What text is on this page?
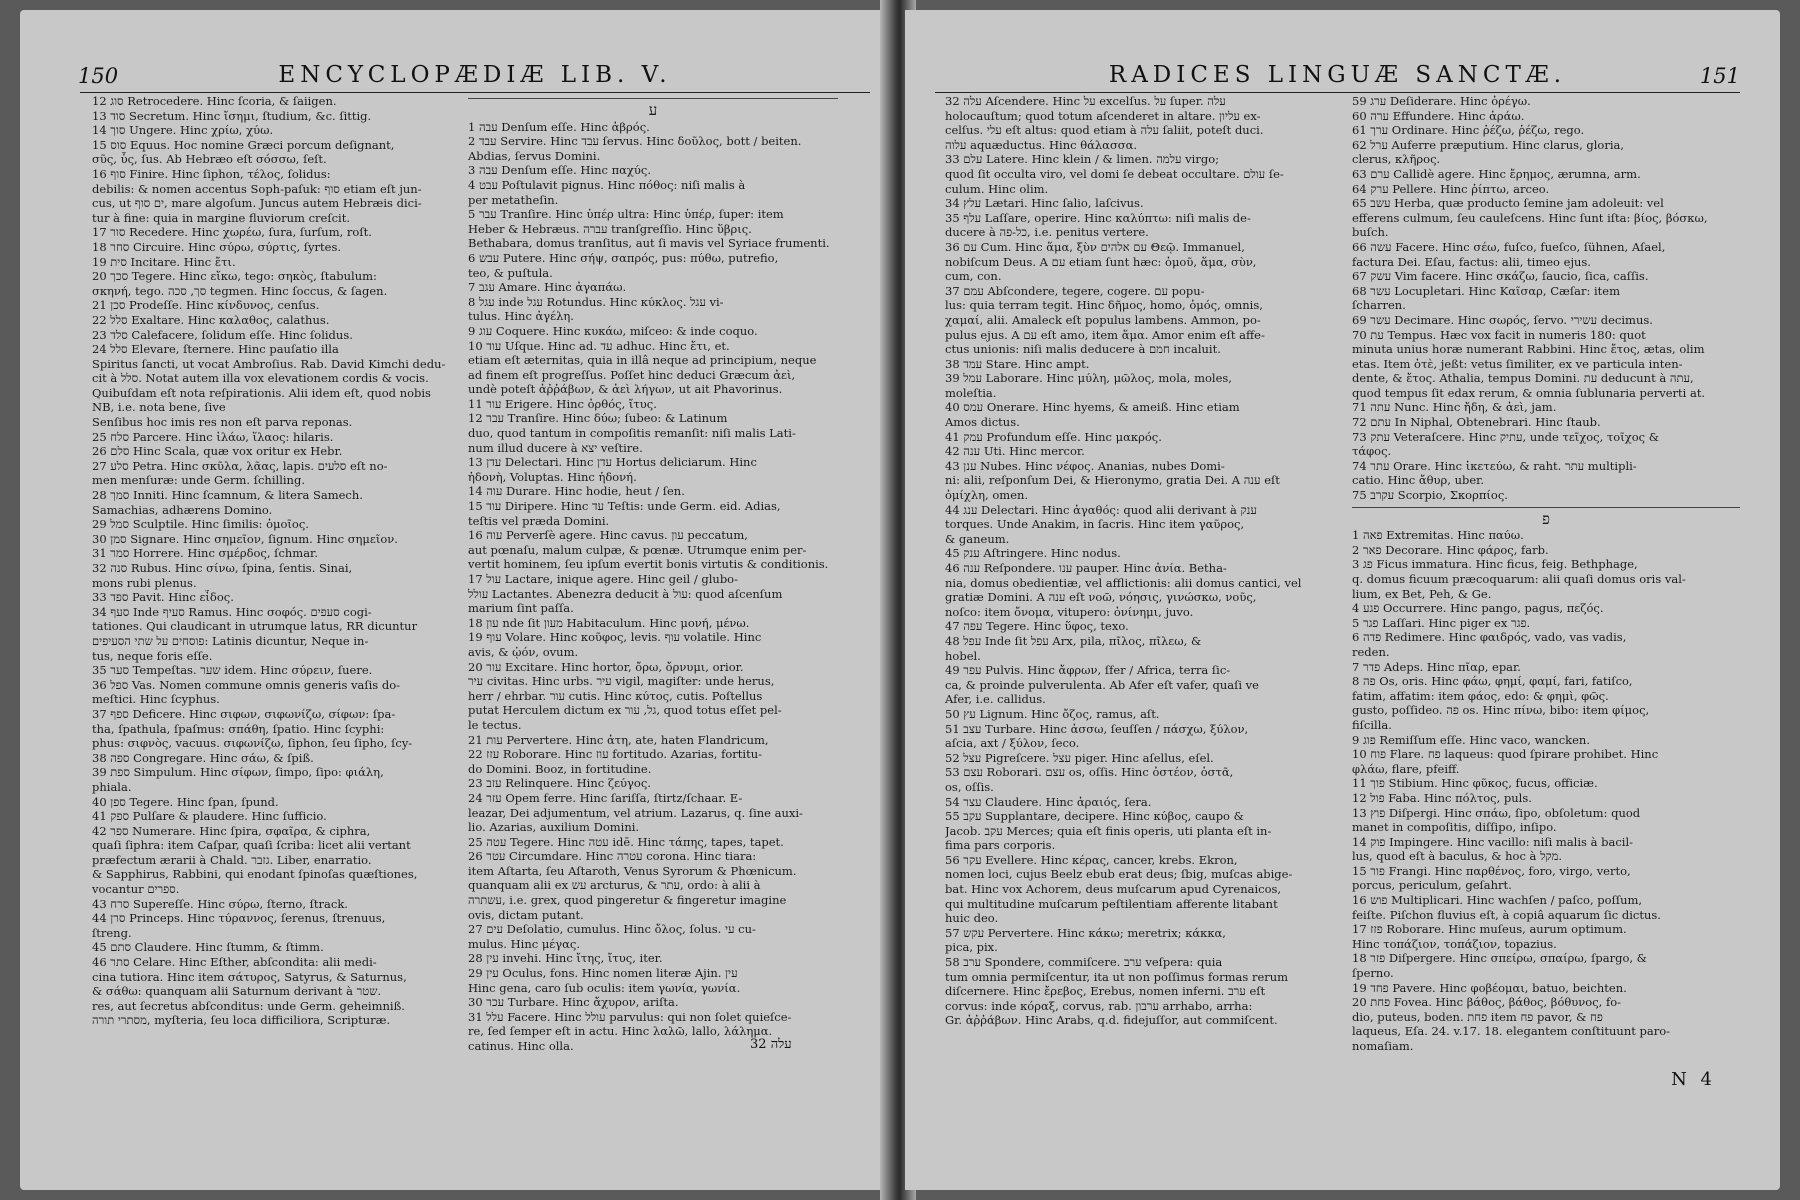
150	ENCYCLOPÆDIÆ LIB. V.
12 סוג Retrocedere. Hinc ſcoria, & ſaiigen.
13 סוד Secretum. Hinc ἴσημι, ſtudium, &c. ſittig.
14 סוך Ungere. Hinc χρίω, χύω.
15 סוס Equus. Hoc nomine Græci porcum deſignant,
σῦς, ὗς, ſus. Ab Hebræo eſt σόσσω, ſeſt.
16 סוף Finire. Hinc ſiphon, τέλος, ſolidus:
debilis: & nomen accentus Soph-paſuk: סוף etiam eſt jun-
cus, ut ים סוף, mare algoſum. Juncus autem Hebræis dici-
tur à fine: quia in margine fluviorum creſcit.
17 סור Recedere. Hinc χωρέω, ſura, ſurſum, roſt.
18 סחר Circuire. Hinc σύρω, σύρτις, ſyrtes.
19 סית Incitare. Hinc ἔτι.
20 סכך Tegere. Hinc εἴκω, tego: σηκὸς, ſtabulum:
σκηνή, tego. סך, סכה tegmen. Hinc ſoccus, & ſagen.
21 סכן Prodeſſe. Hinc κίνδυνος, cenſus.
22 סלל Exaltare. Hinc καλαθος, calathus.
23 סלד Calefacere, ſolidum eſſe. Hinc ſolidus.
24 סלל Elevare, ſternere. Hinc pauſatio illa
Spiritus ſancti, ut vocat Ambroſius. Rab. David Kimchi dedu-
cit à סלל. Notat autem illa vox elevationem cordis & vocis.
Quibuſdam eſt nota reſpirationis. Alii idem eſt, quod nobis
NB, i.e. nota bene, ſive
Senſibus hoc imis res non eſt parva reponas.
25 סלח Parcere. Hinc ἱλάω, ἵλαος: hilaris.
26 סלם Hinc Scala, quæ vox oritur ex Hebr.
27 סלע Petra. Hinc σκῦλα, λᾶας, lapis. סלעים eſt no-
men menſuræ: unde Germ. ſchilling.
28 סמך Inniti. Hinc ſcamnum, & litera Samech.
Samachias, adhærens Domino.
29 סמל Sculptile. Hinc ſimilis: ὁμοῖος.
30 סמן Signare. Hinc σημεῖον, ſignum. Hinc σημεῖον.
31 סמר Horrere. Hinc σμέρδος, ſchmar.
32 סנה Rubus. Hinc σίνω, ſpina, ſentis. Sinai,
mons rubi plenus.
33 ספד Pavit. Hinc εἶδος.
34 סעף Inde סעיף Ramus. Hinc σοφός. סעפים cogi-
tationes. Qui claudicant in utrumque latus, RR dicuntur
פוסחים על שתי הסעיפים: Latinis dicuntur, Neque in-
tus, neque foris eſſe.
35 סער Tempeſtas. שער idem. Hinc σύρειν, ſuere.
36 ספל Vas. Nomen commune omnis generis vaſis do-
meſtici. Hinc ſcyphus.
37 ספף Deficere. Hinc σιφων, σιφωνίζω, σίφων: ſpa-
tha, ſpathula, ſpaſmus: σπάθη, ſpatio. Hinc ſcyphi:
phus: σιφνὸς, vacuus. σιφωνίζω, ſiphon, ſeu ſipho, ſcy-
38 ספה Congregare. Hinc σάω, & ſpiß.
39 ספת Simpulum. Hinc σίφων, ſimpo, ſipo: φιάλη,
phiala.
40 ספן Tegere. Hinc ſpan, ſpund.
41 ספק Pulſare & plaudere. Hinc ſufficio.
42 ספר Numerare. Hinc ſpira, σφαῖρα, & ciphra,
quaſi ſiphra: item Caſpar, quaſi ſcriba: licet alii vertant
præfectum ærarii à Chald. גזבר. Liber, enarratio.
& Sapphirus, Rabbini, qui enodant ſpinoſas quæſtiones,
vocantur ספרים.
43 סרח Supereſſe. Hinc σύρω, ſterno, ſtrack.
44 סרן Princeps. Hinc τύραννος, ſerenus, ſtrenuus,
ſtreng.
45 סתם Claudere. Hinc ſtumm, & ſtimm.
46 סתר Celare. Hinc Eſther, abſcondita: alii medi-
cina tutiora. Hinc item σάτυρος, Satyrus, & Saturnus,
& σάθω: quanquam alii Saturnum derivant à שטר.
res, aut ſecretus abſconditus: unde Germ. geheimniß.
מסתרי תורה, myſteria, ſeu loca difficiliora, Scripturæ.
ע
1 עבה Denſum eſſe. Hinc ἁβρός.
2 עבד Servire. Hinc עבד ſervus. Hinc δοῦλος, bott / beiten.
Abdias, ſervus Domini.
3 עבה Denſum eſſe. Hinc παχύς.
4 עבט Poſtulavit pignus. Hinc πόθος: niſi malis à
per metatheſin.
5 עבר Tranſire. Hinc ὑπέρ ultra: Hinc ὑπέρ, ſuper: item
Heber & Hebræus. עברה tranſgreſſio. Hinc ὕβρις.
Bethabara, domus tranſitus, aut ſi mavis vel Syriace frumenti.
6 עבש Putere. Hinc σήψ, σαπρός, pus: πύθω, putrefio,
teo, & puſtula.
7 עגב Amare. Hinc ἀγαπάω.
8 עגל inde עגל Rotundus. Hinc κύκλος. עגל vi-
tulus. Hinc ἀγέλη.
9 עוג Coquere. Hinc κυκάω, miſceo: & inde coquo.
10 עוד Uſque. Hinc ad. עד adhuc. Hinc ἔτι, et.
etiam eſt æternitas, quia in illâ neque ad principium, neque
ad finem eſt progreſſus. Poſſet hinc deduci Græcum ἀεὶ,
undè poteſt ἀῤῥάβων, & ἀεὶ λήγων, ut ait Phavorinus.
11 עור Erigere. Hinc ὀρθός, ἴτυς.
12 עבר Tranſire. Hinc δύω; ſubeo: & Latinum
duo, quod tantum in compoſitis remanſit: niſi malis Lati-
num illud ducere à יצא veſtire.
13 עדן Delectari. Hinc עדן Hortus deliciarum. Hinc
ἡδονὴ, Voluptas. Hinc ἡδονή.
14 עוה Durare. Hinc hodie, heut / ſen.
15 עוד Diripere. Hinc עד Teſtis: unde Germ. eid. Adias,
teſtis vel præda Domini.
16 עוה Perverſè agere. Hinc cavus. עון peccatum,
aut pœnaſu, malum culpæ, & pœnæ. Utrumque enim per-
vertit hominem, ſeu ipſum evertit bonis virtutis & conditionis.
17 עול Lactare, inique agere. Hinc geil / glubo-
עולל Lactantes. Abenezra deducit à עול: quod aſcenſum
marium ſint paſſa.
18 עון nde ſit מעון Habitaculum. Hinc μονή, μένω.
19 עוף Volare. Hinc κοῦφος, levis. עוף volatile. Hinc
avis, & ᾠόν, ovum.
20 עור Excitare. Hinc hortor, ὄρω, ὄρνυμι, orior.
עיר civitas. Hinc urbs. עיר vigil, magiſter: unde herus,
herr / ehrbar. עור cutis. Hinc κύτος, cutis. Poſtellus
putat Herculem dictum ex גל, עור, quod totus eſſet pel-
le tectus.
21 עות Pervertere. Hinc ἀτη, ate, haten Flandricum,
22 עזז Roborare. Hinc עוז fortitudo. Azarias, fortitu-
do Domini. Booz, in fortitudine.
23 עזב Relinquere. Hinc ζεύγος.
24 עזר Opem ferre. Hinc ſariſſa, ſtirtz/ſchaar. E-
leazar, Dei adjumentum, vel atrium. Lazarus, q. ſine auxi-
lio. Azarias, auxilium Domini.
25 עטה Tegere. Hinc עטה idē. Hinc τάπης, tapes, tapet.
26 עטר Circumdare. Hinc עטרה corona. Hinc tiara:
item Aſtarta, ſeu Aſtaroth, Venus Syrorum & Phœnicum.
quanquam alii ex עש arcturus, & עתר, ordo: à alii à
עשתרה, i.e. grex, quod pingeretur & fingeretur imagine
ovis, dictam putant.
27 עים Deſolatio, cumulus. Hinc ὄλος, ſolus. עי cu-
mulus. Hinc μέγας.
28 עין invehi. Hinc ἴτης, ἴτυς, iter.
29 עין Oculus, fons. Hinc nomen literæ Ajin. עין
Hinc gena, caro ſub oculis: item γωνία, γωνία.
30 עכר Turbare. Hinc ἄχυρον, ariſta.
31 עלל Facere. Hinc עולל parvulus: qui non ſolet quieſce-
re, ſed ſemper eſt in actu. Hinc λαλῶ, lallo, λάλημα.
catinus. Hinc olla.	32 עלה
RADICES LINGUÆ SANCTÆ.	151
32 עלה Aſcendere. Hinc על excelſus. על ſuper. עלה
holocauſtum; quod totum aſcenderet in altare. עליון ex-
celſus. עלי eſt altus: quod etiam à עלה ſaliit, poteſt duci.
עלוה aquæductus. Hinc θάλασσα.
33 עלם Latere. Hinc klein / & limen. עלמה virgo;
quod ſit occulta viro, vel domi ſe debeat occultare. עולם ſe-
culum. Hinc olim.
34 עלץ Lætari. Hinc ſalio, laſcivus.
35 עלף Laſſare, operire. Hinc καλύπτω: niſi malis de-
ducere à כל-פה, i.e. penitus vertere.
36 עם Cum. Hinc ἅμα, ξὺν עם אלהים Θεῷ. Immanuel,
nobiſcum Deus. A עם etiam ſunt hæc: ὁμοῦ, ἅμα, σὺν,
cum, con.
37 עמם Abſcondere, tegere, cogere. עם popu-
lus: quia terram tegit. Hinc δῆμος, homo, ὁμός, omnis,
χαμαί, alii. Amaleck eſt populus lambens. Ammon, po-
pulus ejus. A עם eſt amo, item ἅμα. Amor enim eſt affe-
ctus unionis: niſi malis deducere à חמם incaluit.
38 עמד Stare. Hinc ampt.
39 עמל Laborare. Hinc μύλη, μῶλος, mola, moles,
moleſtia.
40 עמס Onerare. Hinc hyems, & ameiß. Hinc etiam
Amos dictus.
41 עמק Profundum eſſe. Hinc μακρός.
42 ענה Uti. Hinc mercor.
43 ענן Nubes. Hinc νέφος. Ananias, nubes Domi-
ni: alii, reſponſum Dei, & Hieronymo, gratia Dei. A ענה eſt
ὀμίχλη, omen.
44 ענג Delectari. Hinc ἀγαθός: quod alii derivant à ענק
torques. Unde Anakim, in ſacris. Hinc item γαῦρος,
& ganeum.
45 ענק Aſtringere. Hinc nodus.
46 ענה Reſpondere. ענו pauper. Hinc ἀνία. Betha-
nia, domus obedientiæ, vel afflictionis: alii domus cantici, vel
gratiæ Domini. A ענה eſt νοῶ, νόησις, γινώσκω, νοῦς,
noſco: item ὄνομα, vitupero: ὀνίνημι, juvo.
47 עפה Tegere. Hinc ὕφος, texo.
48 עפל Inde ſit עפל Arx, pila, πῖλος, πῖλεω, &
hobel.
49 עפר Pulvis. Hinc ἄφρων, ſfer / Africa, terra ſic-
ca, & proinde pulverulenta. Ab Afer eſt vafer, quaſi ve
Afer, i.e. callidus.
50 עץ Lignum. Hinc ὄζος, ramus, aſt.
51 עצב Turbare. Hinc ἀσσω, ſeuſſen / πάσχω, ξύλον,
aſcia, axt / ξύλον, ſeco.
52 עצל Pigreſcere. עצל piger. Hinc aſellus, eſel.
53 עצם Roborari. עצם os, oſſis. Hinc ὀστέον, ὀστᾶ,
os, oſſis.
54 עצר Claudere. Hinc ἀραιός, ſera.
55 עקב Supplantare, decipere. Hinc κύβος, caupo &
Jacob. עקב Merces; quia eſt finis operis, uti planta eſt in-
fima pars corporis.
56 עקר Evellere. Hinc κέρας, cancer, krebs. Ekron,
nomen loci, cujus Beelz ebub erat deus; ſbig, muſcas abige-
bat. Hinc vox Achorem, deus muſcarum apud Cyrenaicos,
qui multitudine muſcarum peſtilentiam afferente litabant
huic deo.
57 עקש Pervertere. Hinc κάκω; meretrix; κάκκα,
pica, pix.
58 ערב Spondere, commiſcere. ערב veſpera: quia
tum omnia permiſcentur, ita ut non poſſimus formas rerum
diſcernere. Hinc ἔρεβος, Erebus, nomen inferni. ערב eſt
corvus: inde κόραξ, corvus, rab. ערבון arrhabo, arrha:
Gr. ἀῤῥάβων. Hinc Arabs, q.d. fidejuſſor, aut commiſcent.
59 ערג Deſiderare. Hinc ὀρέγω.
60 ערה Effundere. Hinc ἀράω.
61 ערך Ordinare. Hinc ῥέζω, ῥέζω, rego.
62 ערל Auferre præputium. Hinc clarus, gloria,
clerus, κλῆρος.
63 ערם Callidè agere. Hinc ἔρημος, ærumna, arm.
64 ערק Pellere. Hinc ῥίπτω, arceo.
65 עשב Herba, quæ producto ſemine jam adoleuit: vel
efferens culmum, ſeu cauleſcens. Hinc ſunt iſta: βίος, βόσκω,
buſch.
66 עשה Facere. Hinc σέω, fuſco, fueſco, ſühnen, Aſael,
factura Dei. Eſau, factus: alii, timeo ejus.
67 עשק Vim facere. Hinc σκάζω, ſaucio, ſica, caſſis.
68 עשר Locupletari. Hinc Καῖσαρ, Cæſar: item
ſcharren.
69 עשר Decimare. Hinc σωρός, ſervo. עשירי decimus.
70 עת Tempus. Hæc vox facit in numeris 180: quot
minuta unius horæ numerant Rabbini. Hinc ἔτος, ætas, olim
etas. Item ὁτὲ, jeßt: vetus ſimiliter, ex ve particula inten-
dente, & ἔτος. Athalia, tempus Domini. עת deducunt à עתה,
quod tempus ſit edax rerum, & omnia ſublunaria perverti at.
71 עתה Nunc. Hinc ἤδη, & ἀεὶ, jam.
72 עתם In Niphal, Obtenebrari. Hinc ſtaub.
73 עתק Veteraſcere. Hinc עתיק, unde τεῖχος, τοῖχος &
τάφος.
74 עתר Orare. Hinc ἱκετεύω, & raht. עתר multipli-
catio. Hinc ἄθυρ, uber.
75 עקרב Scorpio, Σκορπίος.
פ
1 פאה Extremitas. Hinc παύω.
2 פאר Decorare. Hinc φάρος, farb.
3 פג Ficus immatura. Hinc ficus, feig. Bethphage,
q. domus ficuum præcoquarum: alii quaſi domus oris val-
lium, ex Bet, Peh, & Ge.
4 פגע Occurrere. Hinc pango, pagus, πεζός.
5 פגר Laſſari. Hinc piger ex פגר.
6 פדה Redimere. Hinc φαιδρός, vado, vas vadis,
reden.
7 פדר Adeps. Hinc πῖαρ, epar.
8 פה Os, oris. Hinc φάω, φημί, φαμί, fari, fatiſco,
fatim, affatim: item φάος, edo: & φημὶ, φῶς.
gusto, poſſideo. פה os. Hinc πίνω, bibo: item φίμος,
fiſcilla.
9 פוג Remiſſum eſſe. Hinc vaco, wancken.
10 פוח Flare. פח laqueus: quod ſpirare prohibet. Hinc
φλάω, flare, pfeiff.
11 פוך Stibium. Hinc φῦκος, fucus, officiæ.
12 פול Faba. Hinc πόλτος, puls.
13 פוץ Diſpergi. Hinc σπάω, ſipo, obſoletum: quod
manet in compoſitis, diſſipo, inſipo.
14 פוק Impingere. Hinc vacillo: niſi malis à bacil-
lus, quod eſt à baculus, & hoc à מקל.
15 פור Frangi. Hinc παρθένος, foro, virgo, verto,
porcus, periculum, geſahrt.
16 פוש Multiplicari. Hinc wachſen / paſco, poſſum,
feiſte. Piſchon fluvius eſt, à copiâ aquarum ſic dictus.
17 פזז Roborare. Hinc muſeus, aurum optimum.
Hinc τοπάζιον, τοπάζιον, topazius.
18 פזר Diſpergere. Hinc σπείρω, σπαίρω, ſpargo, &
ſperno.
19 פחד Pavere. Hinc φοβέομαι, batuo, beichten.
20 פחת Fovea. Hinc βάθος, βάθος, βόθυνος, fo-
dio, puteus, boden. פחת item פח pavor, & פח
laqueus, Eſa. 24. v.17. 18. elegantem conſtituunt paro-
nomaſiam.
N 4
